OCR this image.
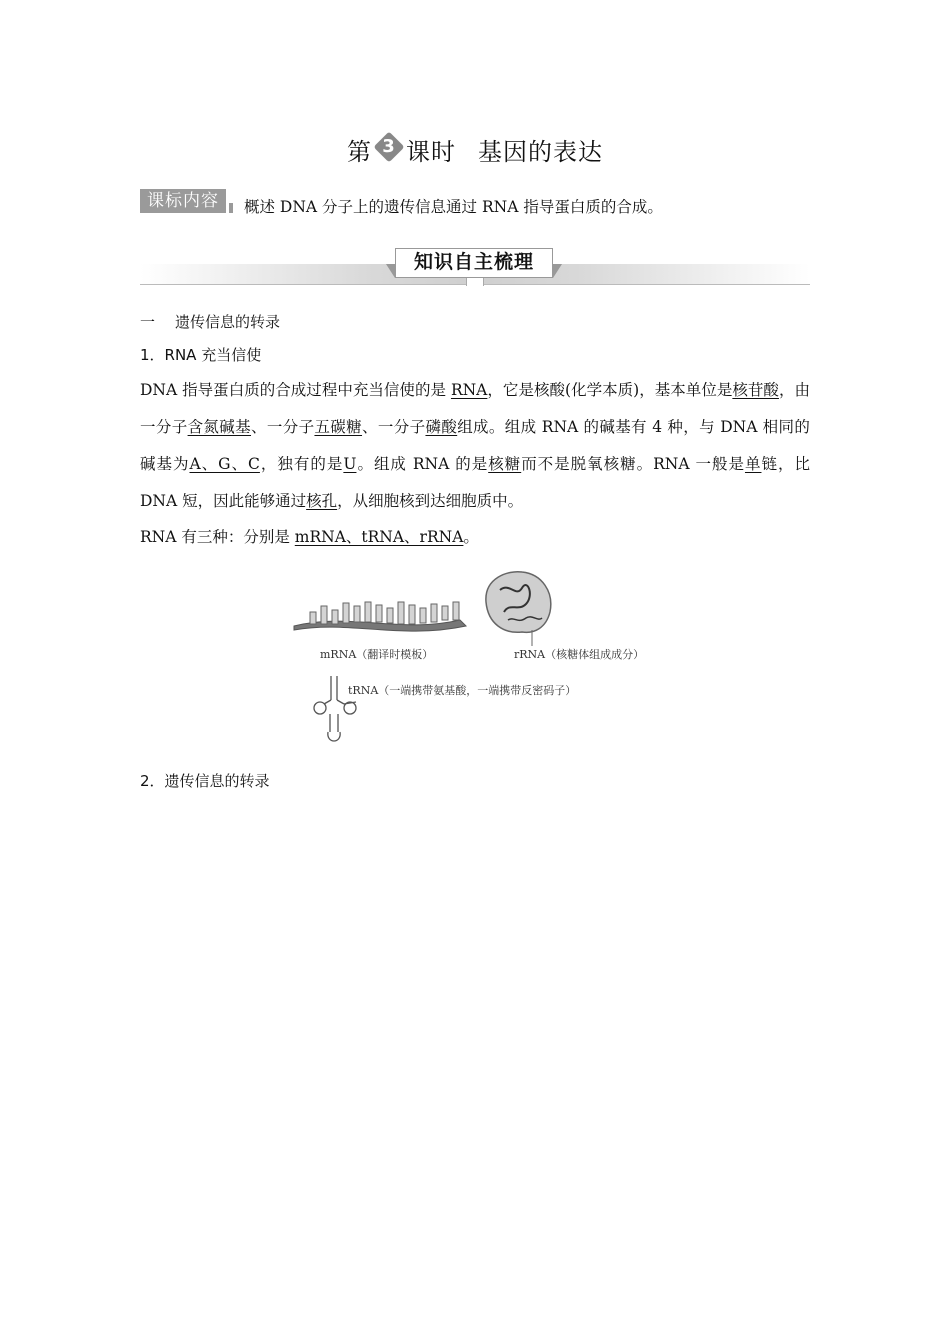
第 3 课时 基因的表达
课标内容	概述 DNA 分子上的遗传信息通过 RNA 指导蛋白质的合成。
知识自主梳理
一 遗传信息的转录
1．RNA 充当信使
DNA 指导蛋白质的合成过程中充当信使的是 RNA，它是核酸(化学本质)，基本单位是核苷酸，由一分子含氮碱基、一分子五碳糖、一分子磷酸组成。组成 RNA 的碱基有 4 种，与 DNA 相同的碱基为A、G、C，独有的是U。组成 RNA 的是核糖而不是脱氧核糖。RNA 一般是单链，比 DNA 短，因此能够通过核孔，从细胞核到达细胞质中。
RNA 有三种：分别是 mRNA、tRNA、rRNA。
mRNA（翻译时模板）	rRNA（核糖体组成成分）
tRNA（一端携带氨基酸，一端携带反密码子）
2．遗传信息的转录
